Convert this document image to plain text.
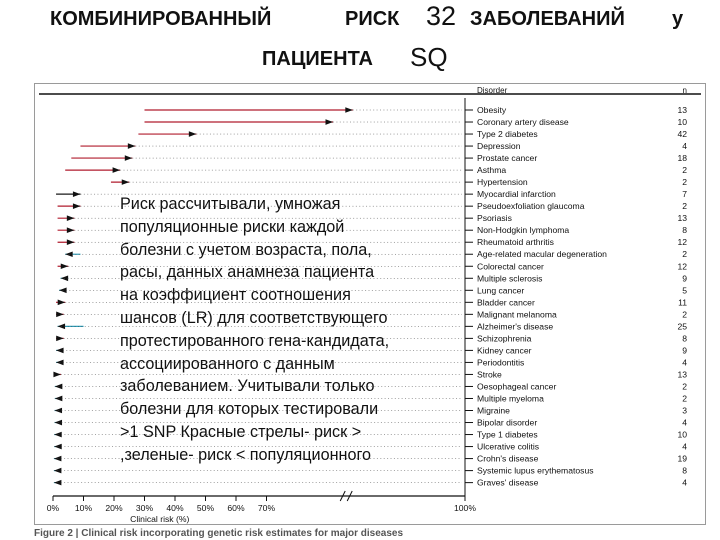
КОМБИНИРОВАННЫЙ	РИСК 32 ЗАБОЛЕВАНИЙ у
ПАЦИЕНТА SQ
Obesity	13
Coronary artery disease	10
Type 2 diabetes	42
Depression	4
Prostate cancer	18
Asthma	2
Hypertension	2
Myocardial infarction	7
Pseudoexfoliation glaucoma	2
Psoriasis	13
Non-Hodgkin lymphoma	8
Rheumatoid arthritis	12
Age-related macular degeneration	2
Colorectal cancer	12
Multiple sclerosis	9
Lung cancer	5
Bladder cancer	11
Malignant melanoma	2
Alzheimer's disease	25
Schizophrenia	8
Kidney cancer	9
Periodontitis	4
Stroke	13
Oesophageal cancer	2
Multiple myeloma	2
Migraine	3
Bipolar disorder	4
Type 1 diabetes	10
Ulcerative colitis	4
Crohn's disease	19
Systemic lupus erythematosus	8
Graves' disease	4
Disorder	n
0% 10% 20% 30% 40% 50% 60% 70%	100%
Clinical risk (%)

Риск рассчитывали, умножая

популяционные риски каждой

болезни с учетом возраста, пола,

расы, данных анамнеза пациента

на коэффициент соотношения

шансов (LR) для соответствующего

протестированного гена-кандидата,

ассоциированного с данным

заболеванием. Учитывали только

болезни для которых тестировали

>1 SNP Красные стрелы- риск >

,зеленые- риск < популяционного

Figure 2 | Clinical risk incorporating genetic risk estimates for major diseases
